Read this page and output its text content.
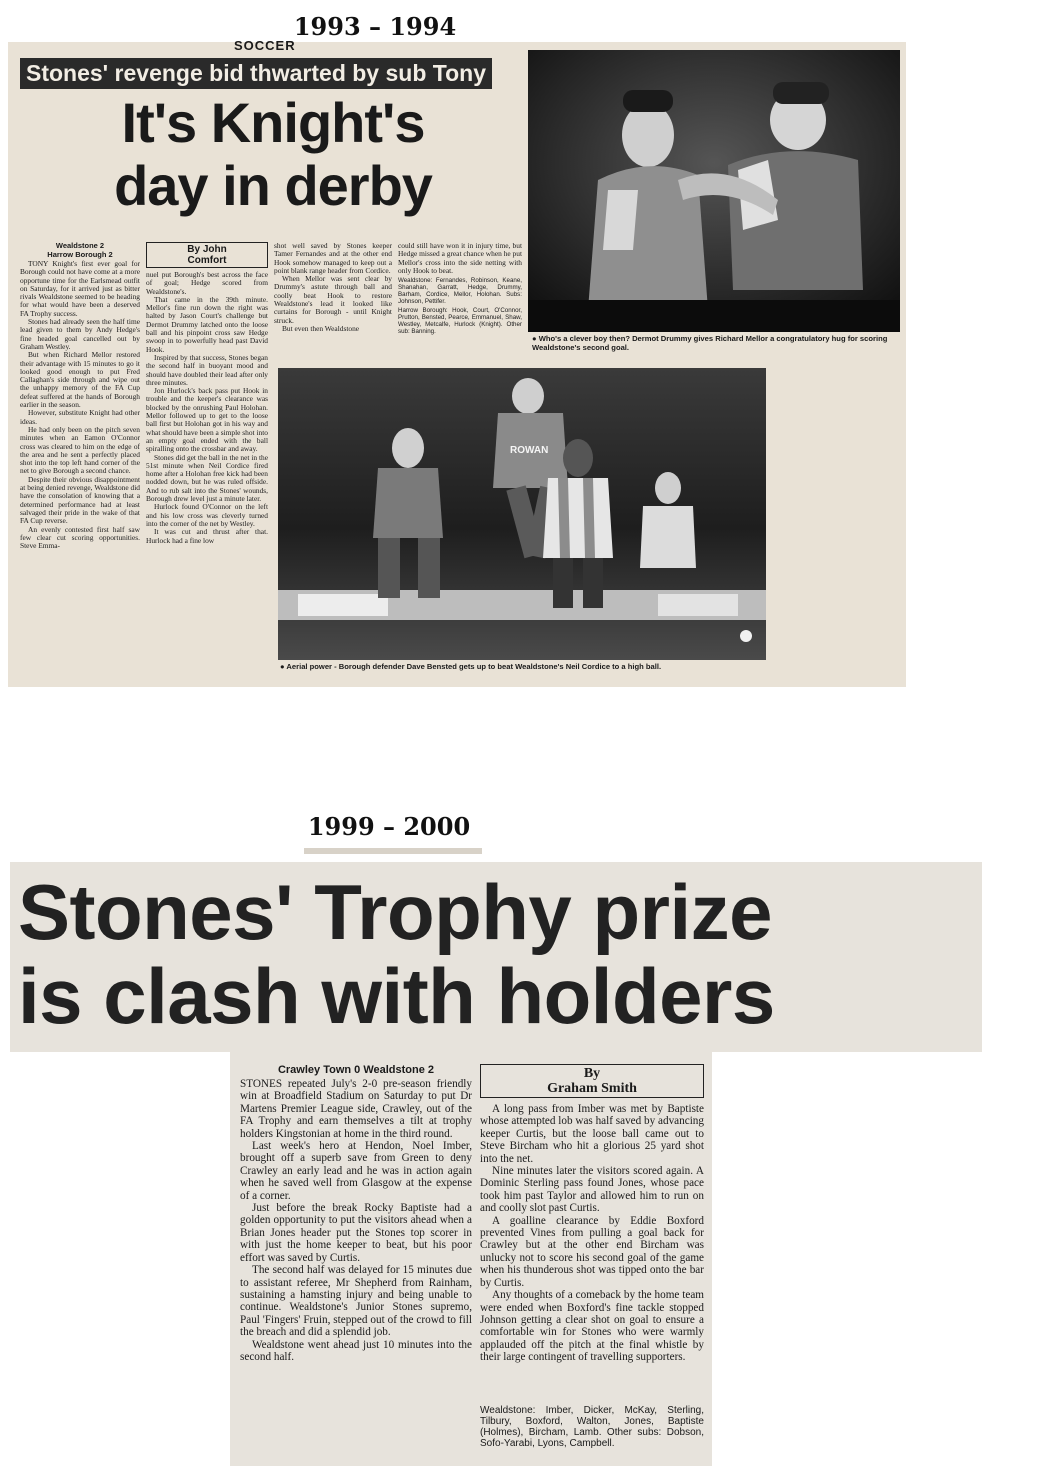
1993 – 1994
SOCCER
Stones' revenge bid thwarted by sub Tony
It's Knight's
day in derby
Wealdstone 2
Harrow Borough 2

TONY Knight's first ever goal for Borough could not have come at a more opportune time for the Earlsmead outfit on Saturday, for it arrived just as bitter rivals Wealdstone seemed to be heading for what would have been a deserved FA Trophy success.

Stones had already seen the half time lead given to them by Andy Hedge's fine headed goal cancelled out by Graham Westley.

But when Richard Mellor restored their advantage with 15 minutes to go it looked good enough to put Fred Callaghan's side through and wipe out the unhappy memory of the FA Cup defeat suffered at the hands of Borough earlier in the season.

However, substitute Knight had other ideas.

He had only been on the pitch seven minutes when an Eamon O'Connor cross was cleared to him on the edge of the area and he sent a perfectly placed shot into the top left hand corner of the net to give Borough a second chance.

Despite their obvious disappointment at being denied revenge, Wealdstone did have the consolation of knowing that a determined performance had at least salvaged their pride in the wake of that FA Cup reverse.

An evenly contested first half saw few clear cut scoring opportunities. Steve Emma-

By John
Comfort

nuel put Borough's best across the face of goal; Hedge scored from Wealdstone's.

That came in the 39th minute. Mellor's fine run down the right was halted by Jason Court's challenge but Dermot Drummy latched onto the loose ball and his pinpoint cross saw Hedge swoop in to powerfully head past David Hook.

Inspired by that success, Stones began the second half in buoyant mood and should have doubled their lead after only three minutes.

Jon Hurlock's back pass put Hook in trouble and the keeper's clearance was blocked by the onrushing Paul Holohan. Mellor followed up to get to the loose ball first but Holohan got in his way and what should have been a simple shot into an empty goal ended with the ball spiralling onto the crossbar and away.

Stones did get the ball in the net in the 51st minute when Neil Cordice fired home after a Holohan free kick had been nodded down, but he was ruled offside. And to rub salt into the Stones' wounds, Borough drew level just a minute later.

Hurlock found O'Connor on the left and his low cross was cleverly turned into the corner of the net by Westley.

It was cut and thrust after that. Hurlock had a fine low

shot well saved by Stones keeper Tamer Fernandes and at the other end Hook somehow managed to keep out a point blank range header from Cordice.

When Mellor was sent clear by Drummy's astute through ball and coolly beat Hook to restore Wealdstone's lead it looked like curtains for Borough - until Knight struck.

But even then Wealdstone

could still have won it in injury time, but Hedge missed a great chance when he put Mellor's cross into the side netting with only Hook to beat.

Wealdstone: Fernandes, Robinson, Keane, Shanahan, Garratt, Hedge, Drummy, Barham, Cordice, Mellor, Holohan. Subs: Johnson, Pettifer.
Harrow Borough: Hook, Court, O'Connor, Prutton, Bensted, Pearce, Emmanuel, Shaw, Westley, Metcalfe, Hurlock (Knight). Other sub: Banning.
● Who's a clever boy then? Dermot Drummy gives Richard Mellor a congratulatory hug for scoring Wealdstone's second goal.
ROWAN
● Aerial power - Borough defender Dave Bensted gets up to beat Wealdstone's Neil Cordice to a high ball.
1999 – 2000
Stones' Trophy prize
is clash with holders
Crawley Town 0 Wealdstone 2

STONES repeated July's 2-0 pre-season friendly win at Broadfield Stadium on Saturday to put Dr Martens Premier League side, Crawley, out of the FA Trophy and earn themselves a tilt at trophy holders Kingstonian at home in the third round.

Last week's hero at Hendon, Noel Imber, brought off a superb save from Green to deny Crawley an early lead and he was in action again when he saved well from Glasgow at the expense of a corner.

Just before the break Rocky Baptiste had a golden opportunity to put the visitors ahead when a Brian Jones header put the Stones top scorer in with just the home keeper to beat, but his poor effort was saved by Curtis.

The second half was delayed for 15 minutes due to assistant referee, Mr Shepherd from Rainham, sustaining a hamsting injury and being unable to continue. Wealdstone's Junior Stones supremo, Paul 'Fingers' Fruin, stepped out of the crowd to fill the breach and did a splendid job.

Wealdstone went ahead just 10 minutes into the second half.

By
Graham Smith

A long pass from Imber was met by Baptiste whose attempted lob was half saved by advancing keeper Curtis, but the loose ball came out to Steve Bircham who hit a glorious 25 yard shot into the net.

Nine minutes later the visitors scored again. A Dominic Sterling pass found Jones, whose pace took him past Taylor and allowed him to run on and coolly slot past Curtis.

A goalline clearance by Eddie Boxford prevented Vines from pulling a goal back for Crawley but at the other end Bircham was unlucky not to score his second goal of the game when his thunderous shot was tipped onto the bar by Curtis.

Any thoughts of a comeback by the home team were ended when Boxford's fine tackle stopped Johnson getting a clear shot on goal to ensure a comfortable win for Stones who were warmly applauded off the pitch at the final whistle by their large contingent of travelling supporters.

Wealdstone: Imber, Dicker, McKay, Sterling, Tilbury, Boxford, Walton, Jones, Baptiste (Holmes), Bircham, Lamb. Other subs: Dobson, Sofo-Yarabi, Lyons, Campbell.
